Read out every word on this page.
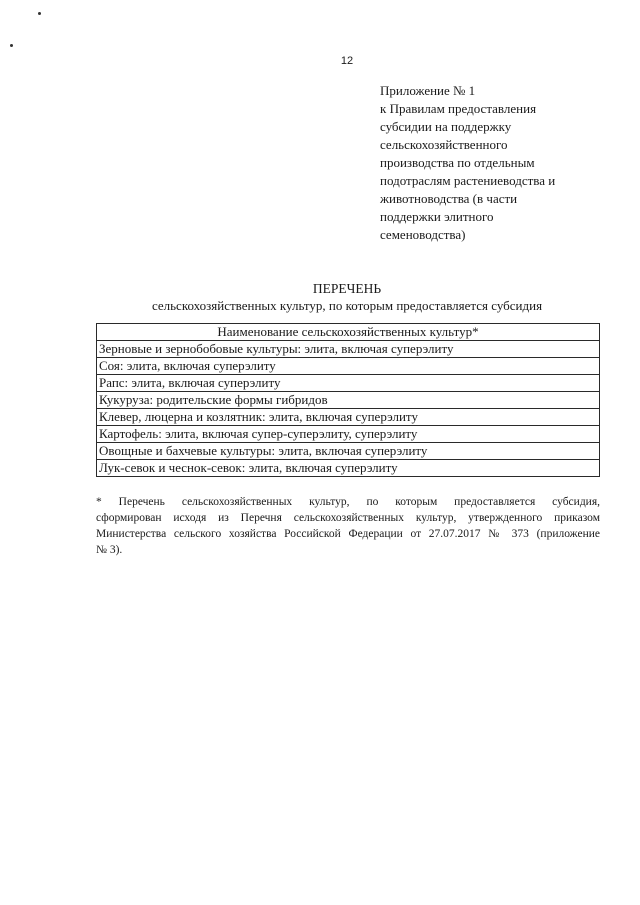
12
Приложение № 1
к Правилам предоставления
субсидии на поддержку
сельскохозяйственного
производства по отдельным
подотраслям растениеводства и
животноводства (в части
поддержки элитного
семеноводства)
ПЕРЕЧЕНЬ
сельскохозяйственных культур, по которым предоставляется субсидия
Наименование сельскохозяйственных культур*
Зерновые и зернобобовые культуры: элита, включая суперэлиту
Соя: элита, включая суперэлиту
Рапс: элита, включая суперэлиту
Кукуруза: родительские формы гибридов
Клевер, люцерна и козлятник: элита, включая суперэлиту
Картофель: элита, включая супер-суперэлиту, суперэлиту
Овощные и бахчевые культуры: элита, включая суперэлиту
Лук-севок и чеснок-севок: элита, включая суперэлиту
* Перечень сельскохозяйственных культур, по которым предоставляется субсидия,
сформирован исходя из Перечня сельскохозяйственных культур, утвержденного приказом
Министерства сельского хозяйства Российской Федерации от 27.07.2017 № 373 (приложение
№ 3).
